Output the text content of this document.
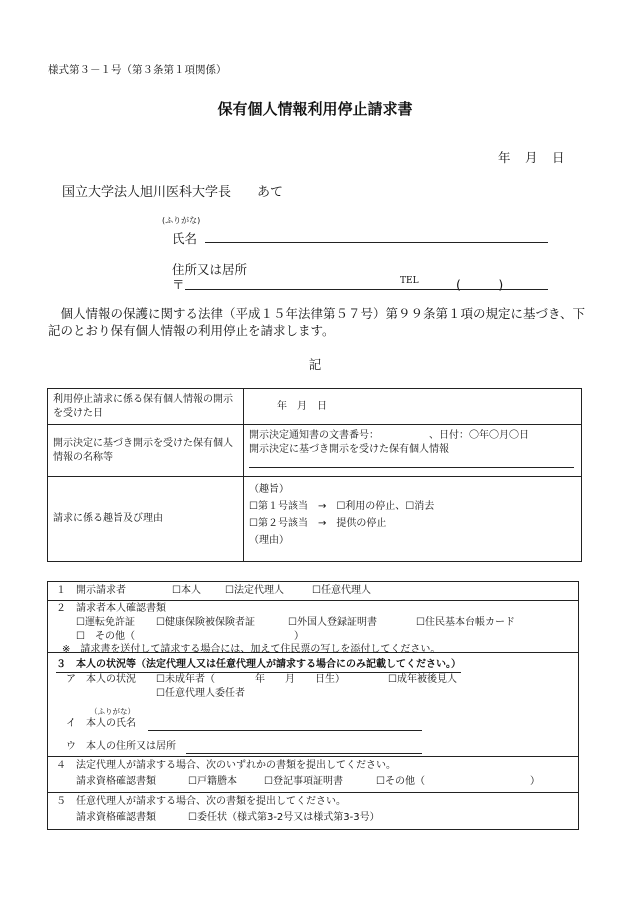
様式第３－１号（第３条第１項関係）
保有個人情報利用停止請求書
年　月　日
国立大学法人旭川医科大学長　　あて
(ふりがな)
氏名
住所又は居所
〒	TEL	(　　　)
　個人情報の保護に関する法律（平成１５年法律第５７号）第９９条第１項の規定に基づき、下記のとおり保有個人情報の利用停止を請求します。
記
利用停止請求に係る保有個人情報の開示を受けた日	年　月　日
開示決定に基づき開示を受けた保有個人情報の名称等	開示決定通知書の文書番号： 、日付：〇年〇月〇日
開示決定に基づき開示を受けた保有個人情報

請求に係る趣旨及び理由	（趣旨）
☐第１号該当　→　☐利用の停止、☐消去
☐第２号該当　→　提供の停止
（理由）
１　開示請求者	☐本人 ☐法定代理人	☐任意代理人
２　請求者本人確認書類
☐運転免許証 ☐健康保険被保険者証	☐外国人登録証明書	☐住民基本台帳カード
☐　その他（	）
※　請求書を送付して請求する場合には、加えて住民票の写しを添付してください。
３　本人の状況等（法定代理人又は任意代理人が請求する場合にのみ記載してください。）
ア　本人の状況 ☐未成年者（　　　　年　　月　　日生）	☐成年被後見人
☐任意代理人委任者
（ふりがな）
イ　本人の氏名
ウ　本人の住所又は居所
４　法定代理人が請求する場合、次のいずれかの書類を提出してください。
請求資格確認書類	☐戸籍謄本	☐登記事項証明書	☐その他（	）
５　任意代理人が請求する場合、次の書類を提出してください。
請求資格確認書類	☐委任状（様式第3-2号又は様式第3-3号）
